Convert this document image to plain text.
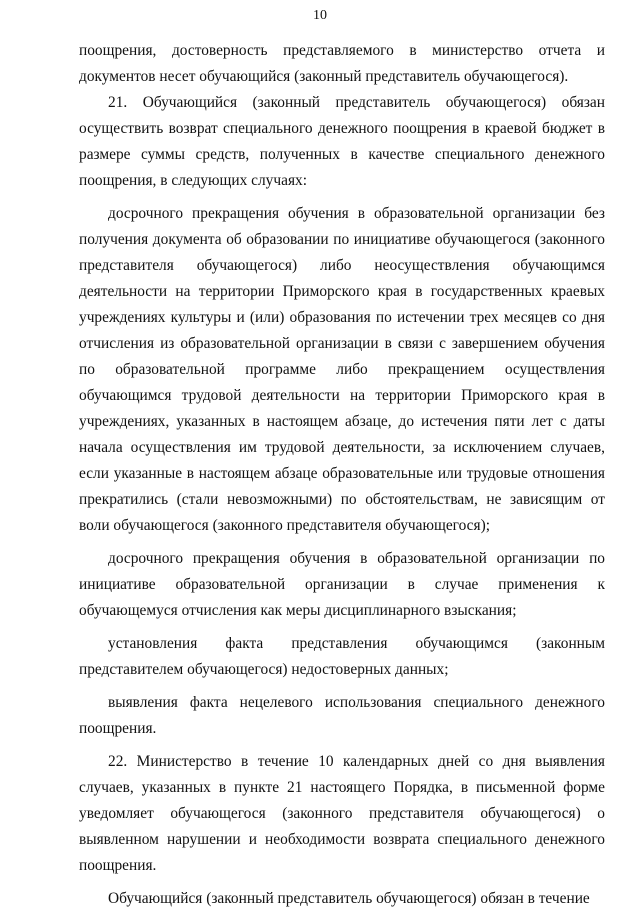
10

поощрения, достоверность представляемого в министерство отчета и документов несет обучающийся (законный представитель обучающегося).

21. Обучающийся (законный представитель обучающегося) обязан осуществить возврат специального денежного поощрения в краевой бюджет в размере суммы средств, полученных в качестве специального денежного поощрения, в следующих случаях:

досрочного прекращения обучения в образовательной организации без получения документа об образовании по инициативе обучающегося (законного представителя обучающегося) либо неосуществления обучающимся деятельности на территории Приморского края в государственных краевых учреждениях культуры и (или) образования по истечении трех месяцев со дня отчисления из образовательной организации в связи с завершением обучения по образовательной программе либо прекращением осуществления обучающимся трудовой деятельности на территории Приморского края в учреждениях, указанных в настоящем абзаце, до истечения пяти лет с даты начала осуществления им трудовой деятельности, за исключением случаев, если указанные в настоящем абзаце образовательные или трудовые отношения прекратились (стали невозможными) по обстоятельствам, не зависящим от воли обучающегося (законного представителя обучающегося);

досрочного прекращения обучения в образовательной организации по инициативе образовательной организации в случае применения к обучающемуся отчисления как меры дисциплинарного взыскания;

установления факта представления обучающимся (законным представителем обучающегося) недостоверных данных;

выявления факта нецелевого использования специального денежного поощрения.

22. Министерство в течение 10 календарных дней со дня выявления случаев, указанных в пункте 21 настоящего Порядка, в письменной форме уведомляет обучающегося (законного представителя обучающегося) о выявленном нарушении и необходимости возврата специального денежного поощрения.

Обучающийся (законный представитель обучающегося) обязан в течение
